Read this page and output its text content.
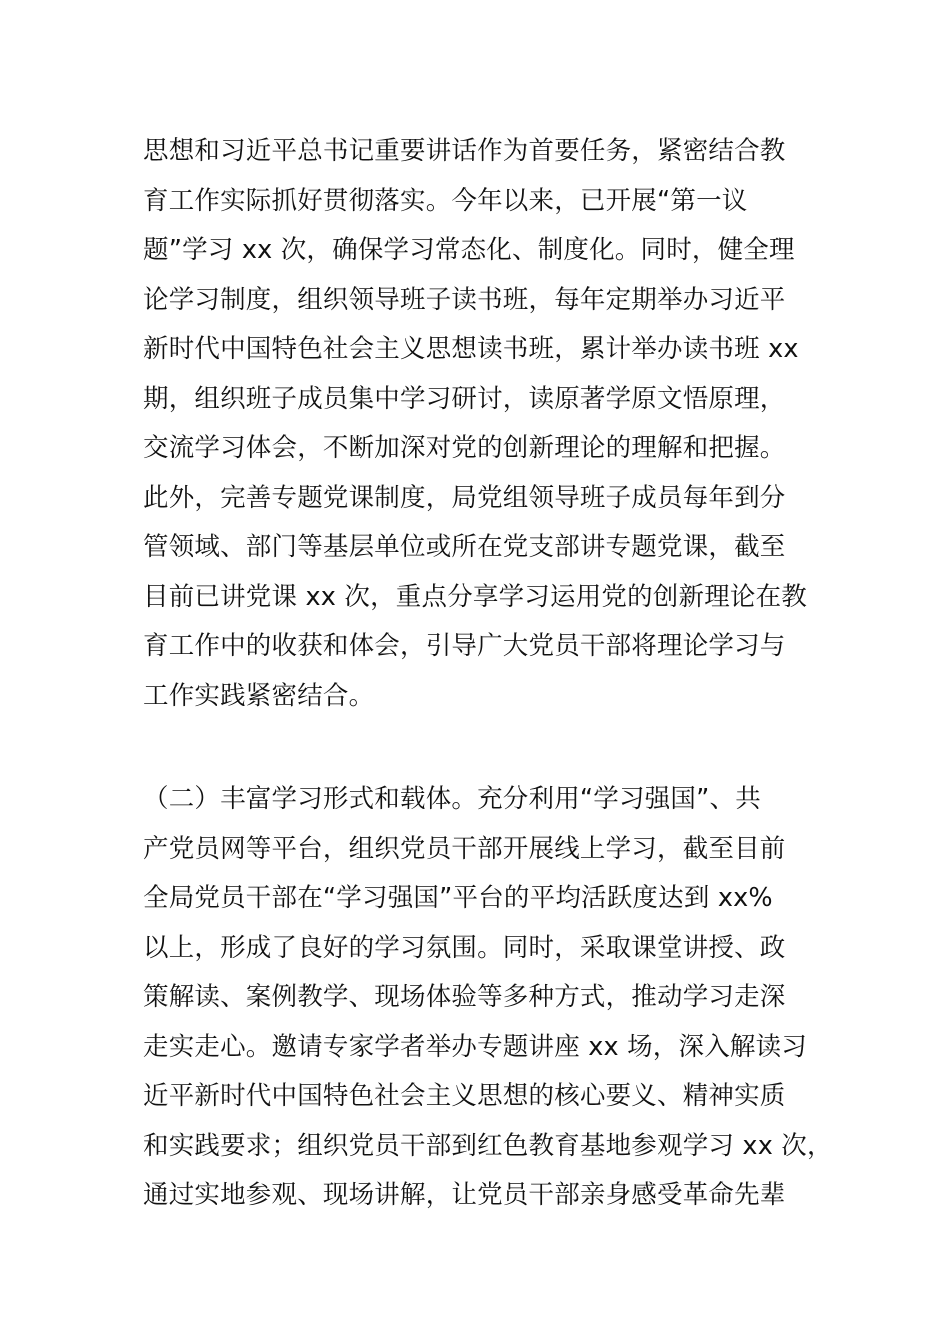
思想和习近平总书记重要讲话作为首要任务，紧密结合教
育工作实际抓好贯彻落实。今年以来，已开展“第一议
题”学习 xx 次，确保学习常态化、制度化。同时，健全理
论学习制度，组织领导班子读书班，每年定期举办习近平
新时代中国特色社会主义思想读书班，累计举办读书班 xx
期，组织班子成员集中学习研讨，读原著学原文悟原理，
交流学习体会，不断加深对党的创新理论的理解和把握。
此外，完善专题党课制度，局党组领导班子成员每年到分
管领域、部门等基层单位或所在党支部讲专题党课，截至
目前已讲党课 xx 次，重点分享学习运用党的创新理论在教
育工作中的收获和体会，引导广大党员干部将理论学习与
工作实践紧密结合。
（二）丰富学习形式和载体。充分利用“学习强国”、共
产党员网等平台，组织党员干部开展线上学习，截至目前
全局党员干部在“学习强国”平台的平均活跃度达到 xx%
以上，形成了良好的学习氛围。同时，采取课堂讲授、政
策解读、案例教学、现场体验等多种方式，推动学习走深
走实走心。邀请专家学者举办专题讲座 xx 场，深入解读习
近平新时代中国特色社会主义思想的核心要义、精神实质
和实践要求；组织党员干部到红色教育基地参观学习 xx 次，
通过实地参观、现场讲解，让党员干部亲身感受革命先辈
